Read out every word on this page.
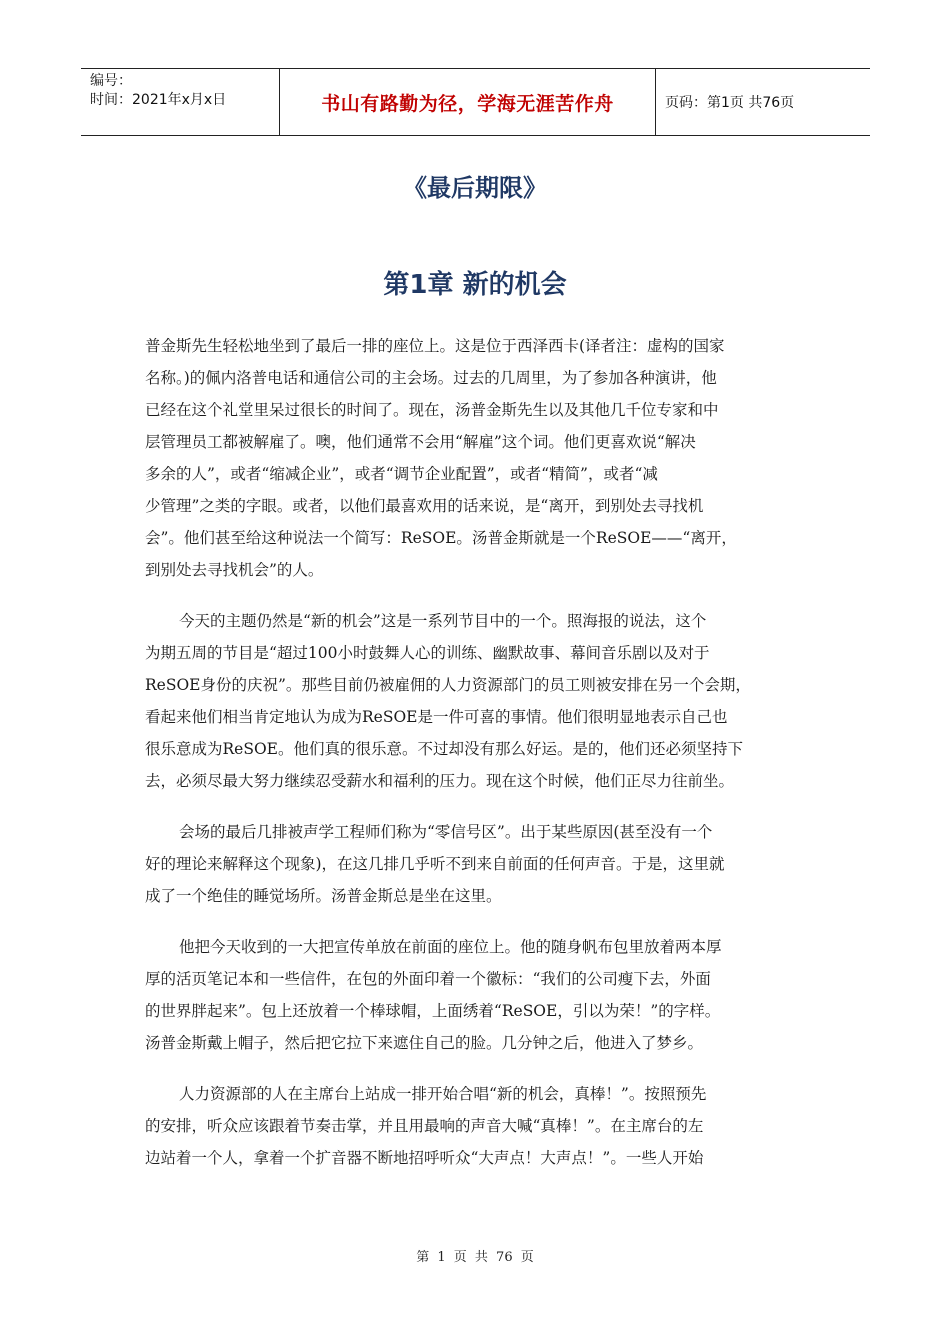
编号：
时间：2021年x月x日	书山有路勤为径，学海无涯苦作舟	页码：第1页 共76页
《最后期限》
第1章 新的机会
普金斯先生轻松地坐到了最后一排的座位上。这是位于西泽西卡(译者注：虚构的国家
名称。)的佩内洛普电话和通信公司的主会场。过去的几周里，为了参加各种演讲，他
已经在这个礼堂里呆过很长的时间了。现在，汤普金斯先生以及其他几千位专家和中
层管理员工都被解雇了。噢，他们通常不会用“解雇”这个词。他们更喜欢说“解决
多余的人”，或者“缩减企业”，或者“调节企业配置”，或者“精简”，或者“减
少管理”之类的字眼。或者，以他们最喜欢用的话来说，是“离开，到别处去寻找机
会”。他们甚至给这种说法一个简写：ReSOE。汤普金斯就是一个ReSOE——“离开，
到别处去寻找机会”的人。
今天的主题仍然是“新的机会”这是一系列节目中的一个。照海报的说法，这个
为期五周的节目是“超过100小时鼓舞人心的训练、幽默故事、幕间音乐剧以及对于
ReSOE身份的庆祝”。那些目前仍被雇佣的人力资源部门的员工则被安排在另一个会期，
看起来他们相当肯定地认为成为ReSOE是一件可喜的事情。他们很明显地表示自己也
很乐意成为ReSOE。他们真的很乐意。不过却没有那么好运。是的，他们还必须坚持下
去，必须尽最大努力继续忍受薪水和福利的压力。现在这个时候，他们正尽力往前坐。
会场的最后几排被声学工程师们称为“零信号区”。出于某些原因(甚至没有一个
好的理论来解释这个现象)，在这几排几乎听不到来自前面的任何声音。于是，这里就
成了一个绝佳的睡觉场所。汤普金斯总是坐在这里。
他把今天收到的一大把宣传单放在前面的座位上。他的随身帆布包里放着两本厚
厚的活页笔记本和一些信件，在包的外面印着一个徽标：“我们的公司瘦下去，外面
的世界胖起来”。包上还放着一个棒球帽，上面绣着“ReSOE，引以为荣！”的字样。
汤普金斯戴上帽子，然后把它拉下来遮住自己的脸。几分钟之后，他进入了梦乡。
人力资源部的人在主席台上站成一排开始合唱“新的机会，真棒！”。按照预先
的安排，听众应该跟着节奏击掌，并且用最响的声音大喊“真棒！”。在主席台的左
边站着一个人，拿着一个扩音器不断地招呼听众“大声点！大声点！”。一些人开始
第 1 页 共 76 页
